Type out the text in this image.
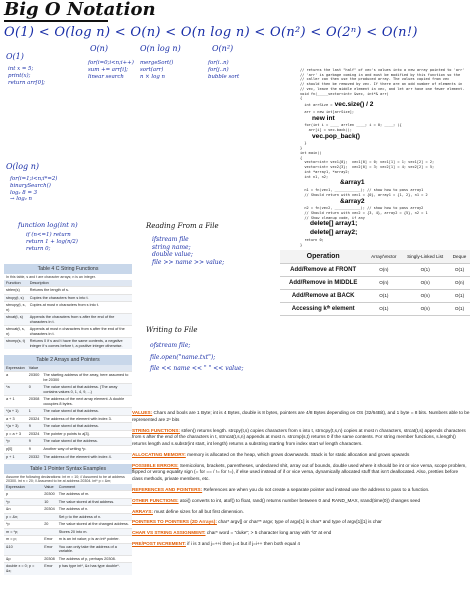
Big O Notation
O(1) < O(log n) < O(n) < O(n log n) < O(n²) < O(2ⁿ) < O(n!)
O(1)
int x = 5;
print(x);
return arr[0];
O(n)
for(i=0;i<n;i++)
sum += arr[i];
linear search
O(n log n)
mergeSort()
sort(arr)
n × log n
O(n²)
for(i..n)
for(j..n)
bubble sort
O(log n)
for(i=1;i<n;i*=2)
binarySearch()
log₂ 8 = 3
→ log₂ n
function log(int n)
if (n<=1) return
return 1 + log(n/2)
return 0;
Reading From a File
ifstream file
string name;
double value;
file >> name >> value;
Writing to File
ofstream file;
file.open("name.txt");
file << name << " " << value;
// returns the last "half" of vec's values into a new array pointed to 'arr'
// 'arr' is garbage coming in and must be modified by this function so the
// caller can then use the produced array. The values copied from vec
// should then be removed by vec. If there are an odd number of elements in
// vec, leave the middle element in vec, and let arr have one fewer element.
void fn(_____vector<int> &vec, int*& arr)
{
int arrSize = vec.size() / 2
arr = new int[arrSize];
new int
for(int i = ____ arrlen ____; i = 0; ____; ){
arr[i] = vec.back();
vec.pop_back()
}
}
int main()
{
vector<int> vec1{0};  vec1[0] = 0; vec1[1] = 1; vec1[2] = 2;
vector<int> vec2{3};  vec2[0] = 3; vec2[1] = 4; vec2[2] = 5;
int *array1, *array2;
int n1, n2;
&array1
n1 = fn(vec1, ____________); // show how to pass array1
// Should return with vec1 = {0}, array1 = {1, 2}, n1 = 2
&array2
n2 = fn(vec2, ____________); // show how to pass array2
// Should return with vec2 = {3, 4}, array2 = {5}, n2 = 1
// Show cleanup code, if any
delete[] array1;
delete[] array2;
return 0;
}
Operation	Array/Vector	Singly-Linked List	Deque
Add/Remove at FRONT	O(n)	O(1)	O(1)
Add/Remove in MIDDLE	O(n)	O(n)	O(n)
Add/Remove at BACK	O(1)	O(n)	O(1)
Accessing kᵗʰ element	O(1)	O(n)	O(1)
Table 4 C String Functions
In this table, s and t are character arrays; n is an integer.
Function	Description
strlen(s)	Returns the length of s.
strcpy(t, s)	Copies the characters from s into t.
strncpy(t, s, n)	Copies at most n characters from s into t.
strcat(t, s)	Appends the characters from s after the end of the characters in t.
strncat(t, s, n)	Appends at most n characters from s after the end of the characters in t.
strcmp(s, t)	Returns 0 if s and t have the same contents, a negative integer if s comes before t, a positive integer otherwise.
Table 2 Arrays and Pointers
Expression	Value	
a	20300	The starting address of the array, here assumed to be 20300
*a	0	The value stored at that address. (The array contains values 0, 1, 4, 9, ...)
a + 1	20308	The address of the next array element. A double occupies 8 bytes.
*(a + 1)	1	The value stored at that address.
a + 3	20324	The address of the element with index 3.
*(a + 3)	9	The value stored at that address.
p = a + 3	20324	The pointer p points to a[3].
*p	9	The value stored at the address.
p[0]	9	Another way of writing *p.
p + 1	20332	The address of the element with index 4.
Table 1 Pointer Syntax Examples
Assume the following declarations: int m = 10; // Assumed to be at address 20300. int n = 20; // Assumed to be at address 20304. int* p = &m;
Expression	Value	Comment
p	20300	The address of m.
*p	10	The value stored at that address.
&n	20304	The address of n.
p = &n;		Set p to the address of n.
*p	20	The value stored at the changed address.
m = *p;		Stores 20 into m.
m = p;	Error	m is an int value; p is an int* pointer.
&10	Error	You can only take the address of a variable.
&p	20308	The address of p, perhaps 20308.
double x = 0; p = &x;	Error	p has type int*, &x has type double*.

VALUES: Chars and bools are 1 Byte; int is 4 Bytes, double is 8 bytes, pointers are 4/8 Bytes depending on OS (32/64Bit), and 1 byte = 8 bits. Numbers able to be represented are 2ⁿ bits

STRING FUNCTIONS: strlen() returns length. strcpy(t,s) copies characters from s into t, strncpy(t,s,n) copies at most n characters, strcat(t,s) appends characters from s after the end of the characters in t, strncat(t,s,n) appends at most n. strcmp(s,t) returns 0 if the same contents. For string member functions, s.length() returns length and s.substr(int start, int length) returns a substring starting from index start w/ length characters.

ALLOCATING MEMORY: memory is allocated on the heap, which grows downwards. Stack is for static allocation and grows upwards

POSSIBLE ERRORS: Semicolons, brackets, parentheses, undeclared shit, array out of bounds, double used where it should be int or vice versa, scope problem, flipped or wrong equality sign (= for == / != for !=), if else used instead of if or vice versa, dynamically allocated stuff that isn't deallocated. Also, pretties before class methods, private members, etc.

REFERENCES AND POINTERS: References are when you do not create a separate pointer and instead use the address to pass to a function.

OTHER FUNCTIONS: atoi() converts to int, atof() to float, rand() returns number between 0 and RAND_MAX, srand(time(0)) changes seed

ARRAYS: must define sizes for all but first dimension.

POINTERS TO POINTERS (2D Arrays): char* argv[] or char** argv; type of argv[1] is char* and type of argv[1][1] is char

CHAR VS STRING ASSIGNMENT: char* word = "duke"; > 5 character long array with '\0' at end

PRE/POST INCREMENT: if i is 3 and j=++i then j=4 but if j=i++ then both equal 4
